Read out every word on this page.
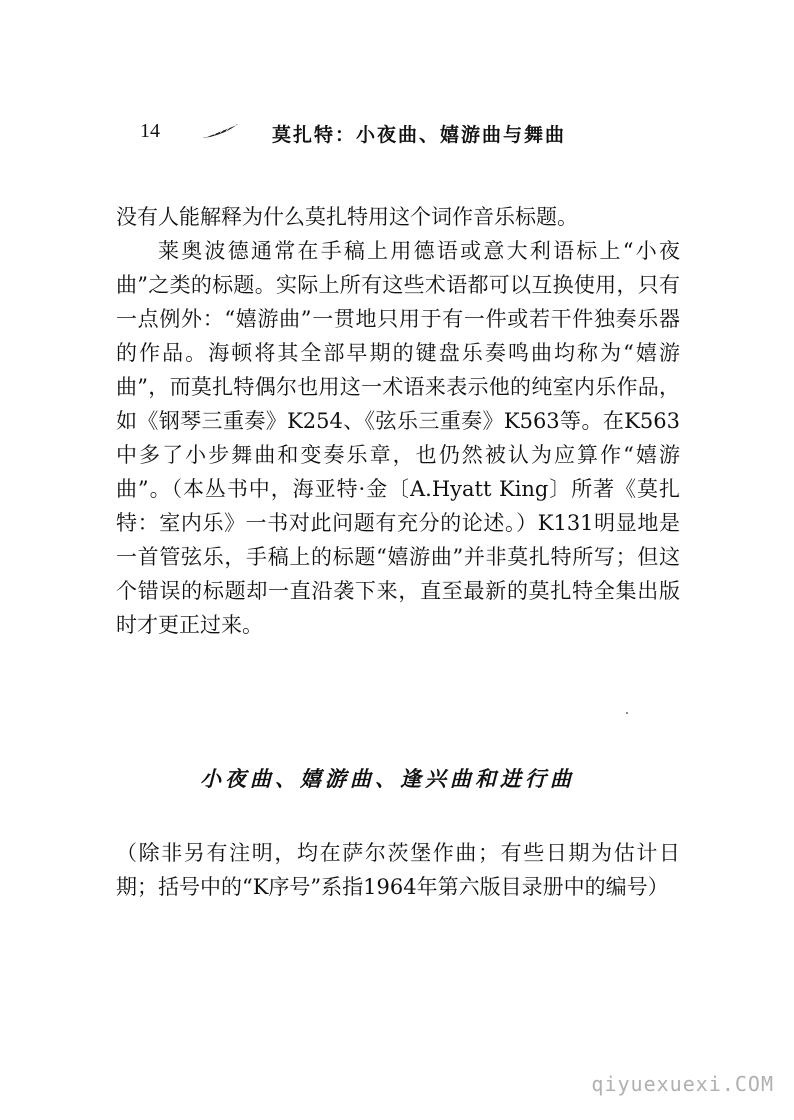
14	莫扎特：小夜曲、嬉游曲与舞曲

没有人能解释为什么莫扎特用这个词作音乐标题。

莱奥波德通常在手稿上用德语或意大利语标上“小夜曲”之类的标题。实际上所有这些术语都可以互换使用，只有一点例外：“嬉游曲”一贯地只用于有一件或若干件独奏乐器的作品。海顿将其全部早期的键盘乐奏鸣曲均称为“嬉游曲”，而莫扎特偶尔也用这一术语来表示他的纯室内乐作品，如《钢琴三重奏》K254、《弦乐三重奏》K563等。在K563中多了小步舞曲和变奏乐章，也仍然被认为应算作“嬉游曲”。（本丛书中，海亚特·金〔A.Hyatt King〕所著《莫扎特：室内乐》一书对此问题有充分的论述。）K131明显地是一首管弦乐，手稿上的标题“嬉游曲”并非莫扎特所写；但这个错误的标题却一直沿袭下来，直至最新的莫扎特全集出版时才更正过来。

小夜曲、嬉游曲、逢兴曲和进行曲

（除非另有注明，均在萨尔茨堡作曲；有些日期为估计日期；括号中的“K序号”系指1964年第六版目录册中的编号）

qiyuexuexi.COM
